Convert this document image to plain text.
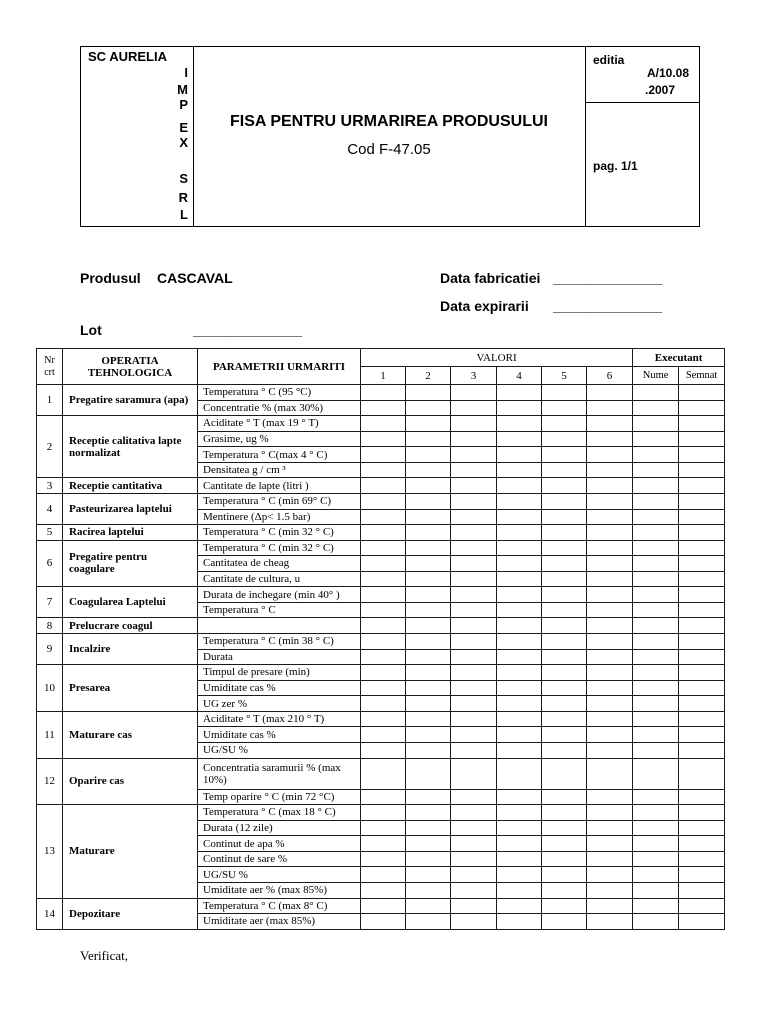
SC AURELIA
I
M
P
E
X
S
R
L
FISA PENTRU URMARIREA PRODUSULUI
Cod F-47.05
editia
A/10.08
.2007
pag. 1/1
Produsul CASCAVAL	Data fabricatiei ______________
Data expirarii ______________
Lot	______________
Nr crt	OPERATIA TEHNOLOGICA	PARAMETRII URMARITI	VALORI						Executant	
			1	2	3	4	5	6	Nume	Semnat
1	Pregatire saramura (apa)	Temperatura ° C (95 °C)								
		Concentratie % (max 30%)								
2	Receptie calitativa lapte normalizat	Aciditate ° T (max 19 ° T)								
		Grasime, ug %								
		Temperatura ° C(max 4 ° C)								
		Densitatea g / cm ³								
3	Receptie cantitativa	Cantitate de lapte (litri )								
4	Pasteurizarea laptelui	Temperatura ° C (min 69° C)								
		Mentinere (Δp< 1.5 bar)								
5	Racirea laptelui	Temperatura ° C (min 32 ° C)								
6	Pregatire pentru coagulare	Temperatura ° C (min 32 ° C)								
		Cantitatea de cheag								
		Cantitate de cultura, u								
7	Coagularea Laptelui	Durata de inchegare (min 40° )								
		Temperatura ° C								
8	Prelucrare coagul									
9	Incalzire	Temperatura ° C (min 38 ° C)								
		Durata								
10	Presarea	Timpul de presare (min)								
		Umiditate cas %								
		UG zer %								
11	Maturare cas	Aciditate ° T (max 210 ° T)								
		Umiditate cas %								
		UG/SU %								
12	Oparire cas	Concentratia saramurii % (max 10%)								
		Temp oparire ° C (min 72 °C)								
13	Maturare	Temperatura ° C (max 18 ° C)								
		Durata (12 zile)								
		Continut de apa %								
		Continut de sare %								
		UG/SU %								
		Umiditate aer % (max 85%)								
14	Depozitare	Temperatura ° C (max 8° C)								
		Umiditate aer (max 85%)								
Verificat,
